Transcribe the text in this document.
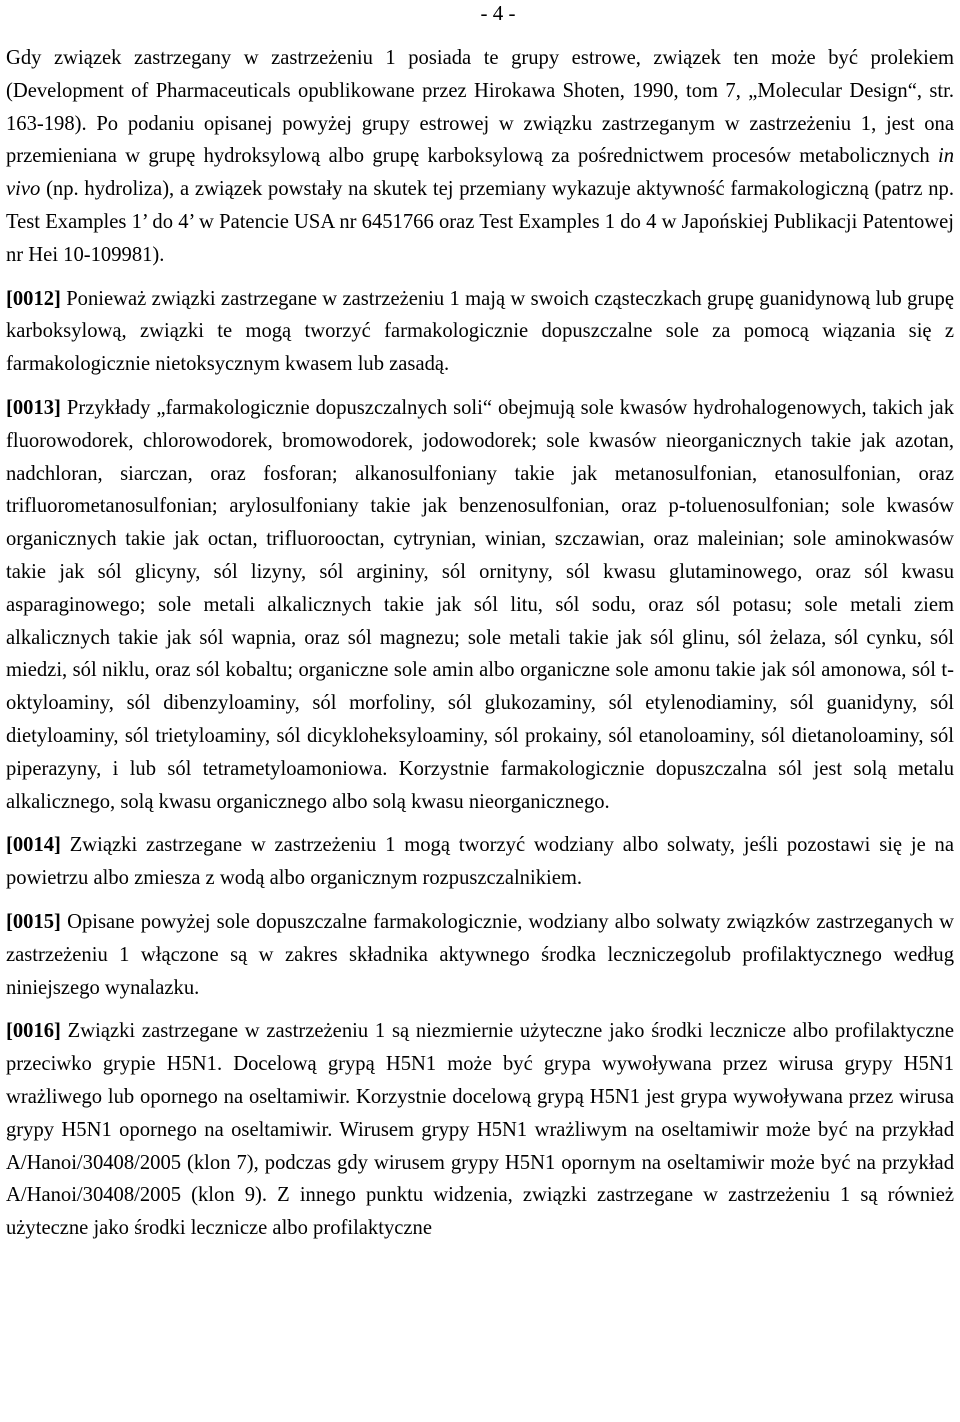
- 4 -

Gdy związek zastrzegany w zastrzeżeniu 1 posiada te grupy estrowe, związek ten może być prolekiem (Development of Pharmaceuticals opublikowane przez Hirokawa Shoten, 1990, tom 7, „Molecular Design“, str. 163-198). Po podaniu opisanej powyżej grupy estrowej w związku zastrzeganym w zastrzeżeniu 1, jest ona przemieniana w grupę hydroksylową albo grupę karboksylową za pośrednictwem procesów metabolicznych in vivo (np. hydroliza), a związek powstały na skutek tej przemiany wykazuje aktywność farmakologiczną (patrz np. Test Examples 1’ do 4’ w Patencie USA nr 6451766 oraz Test Examples 1 do 4 w Japońskiej Publikacji Patentowej nr Hei 10-109981).

[0012] Ponieważ związki zastrzegane w zastrzeżeniu 1 mają w swoich cząsteczkach grupę guanidynową lub grupę karboksylową, związki te mogą tworzyć farmakologicznie dopuszczalne sole za pomocą wiązania się z farmakologicznie nietoksycznym kwasem lub zasadą.

[0013] Przykłady „farmakologicznie dopuszczalnych soli“ obejmują sole kwasów hydrohalogenowych, takich jak fluorowodorek, chlorowodorek, bromowodorek, jodowodorek; sole kwasów nieorganicznych takie jak azotan, nadchloran, siarczan, oraz fosforan; alkanosulfoniany takie jak metanosulfonian, etanosulfonian, oraz trifluorometanosulfonian; arylosulfoniany takie jak benzenosulfonian, oraz p-toluenosulfonian; sole kwasów organicznych takie jak octan, trifluorooctan, cytrynian, winian, szczawian, oraz maleinian; sole aminokwasów takie jak sól glicyny, sól lizyny, sól argininy, sól ornityny, sól kwasu glutaminowego, oraz sól kwasu asparaginowego; sole metali alkalicznych takie jak sól litu, sól sodu, oraz sól potasu; sole metali ziem alkalicznych takie jak sól wapnia, oraz sól magnezu; sole metali takie jak sól glinu, sól żelaza, sól cynku, sól miedzi, sól niklu, oraz sól kobaltu; organiczne sole amin albo organiczne sole amonu takie jak sól amonowa, sól t-oktyloaminy, sól dibenzyloaminy, sól morfoliny, sól glukozaminy, sól etylenodiaminy, sól guanidyny, sól dietyloaminy, sól trietyloaminy, sól dicykloheksyloaminy, sól prokainy, sól etanoloaminy, sól dietanoloaminy, sól piperazyny, i lub sól tetrametyloamoniowa. Korzystnie farmakologicznie dopuszczalna sól jest solą metalu alkalicznego, solą kwasu organicznego albo solą kwasu nieorganicznego.

[0014] Związki zastrzegane w zastrzeżeniu 1 mogą tworzyć wodziany albo solwaty, jeśli pozostawi się je na powietrzu albo zmiesza z wodą albo organicznym rozpuszczalnikiem.

[0015] Opisane powyżej sole dopuszczalne farmakologicznie, wodziany albo solwaty związków zastrzeganych w zastrzeżeniu 1 włączone są w zakres składnika aktywnego środka leczniczegolub profilaktycznego według niniejszego wynalazku.

[0016] Związki zastrzegane w zastrzeżeniu 1 są niezmiernie użyteczne jako środki lecznicze albo profilaktyczne przeciwko grypie H5N1. Docelową grypą H5N1 może być grypa wywoływana przez wirusa grypy H5N1 wrażliwego lub opornego na oseltamiwir. Korzystnie docelową grypą H5N1 jest grypa wywoływana przez wirusa grypy H5N1 opornego na oseltamiwir. Wirusem grypy H5N1 wrażliwym na oseltamiwir może być na przykład A/Hanoi/30408/2005 (klon 7), podczas gdy wirusem grypy H5N1 opornym na oseltamiwir może być na przykład A/Hanoi/30408/2005 (klon 9). Z innego punktu widzenia, związki zastrzegane w zastrzeżeniu 1 są również użyteczne jako środki lecznicze albo profilaktyczne
